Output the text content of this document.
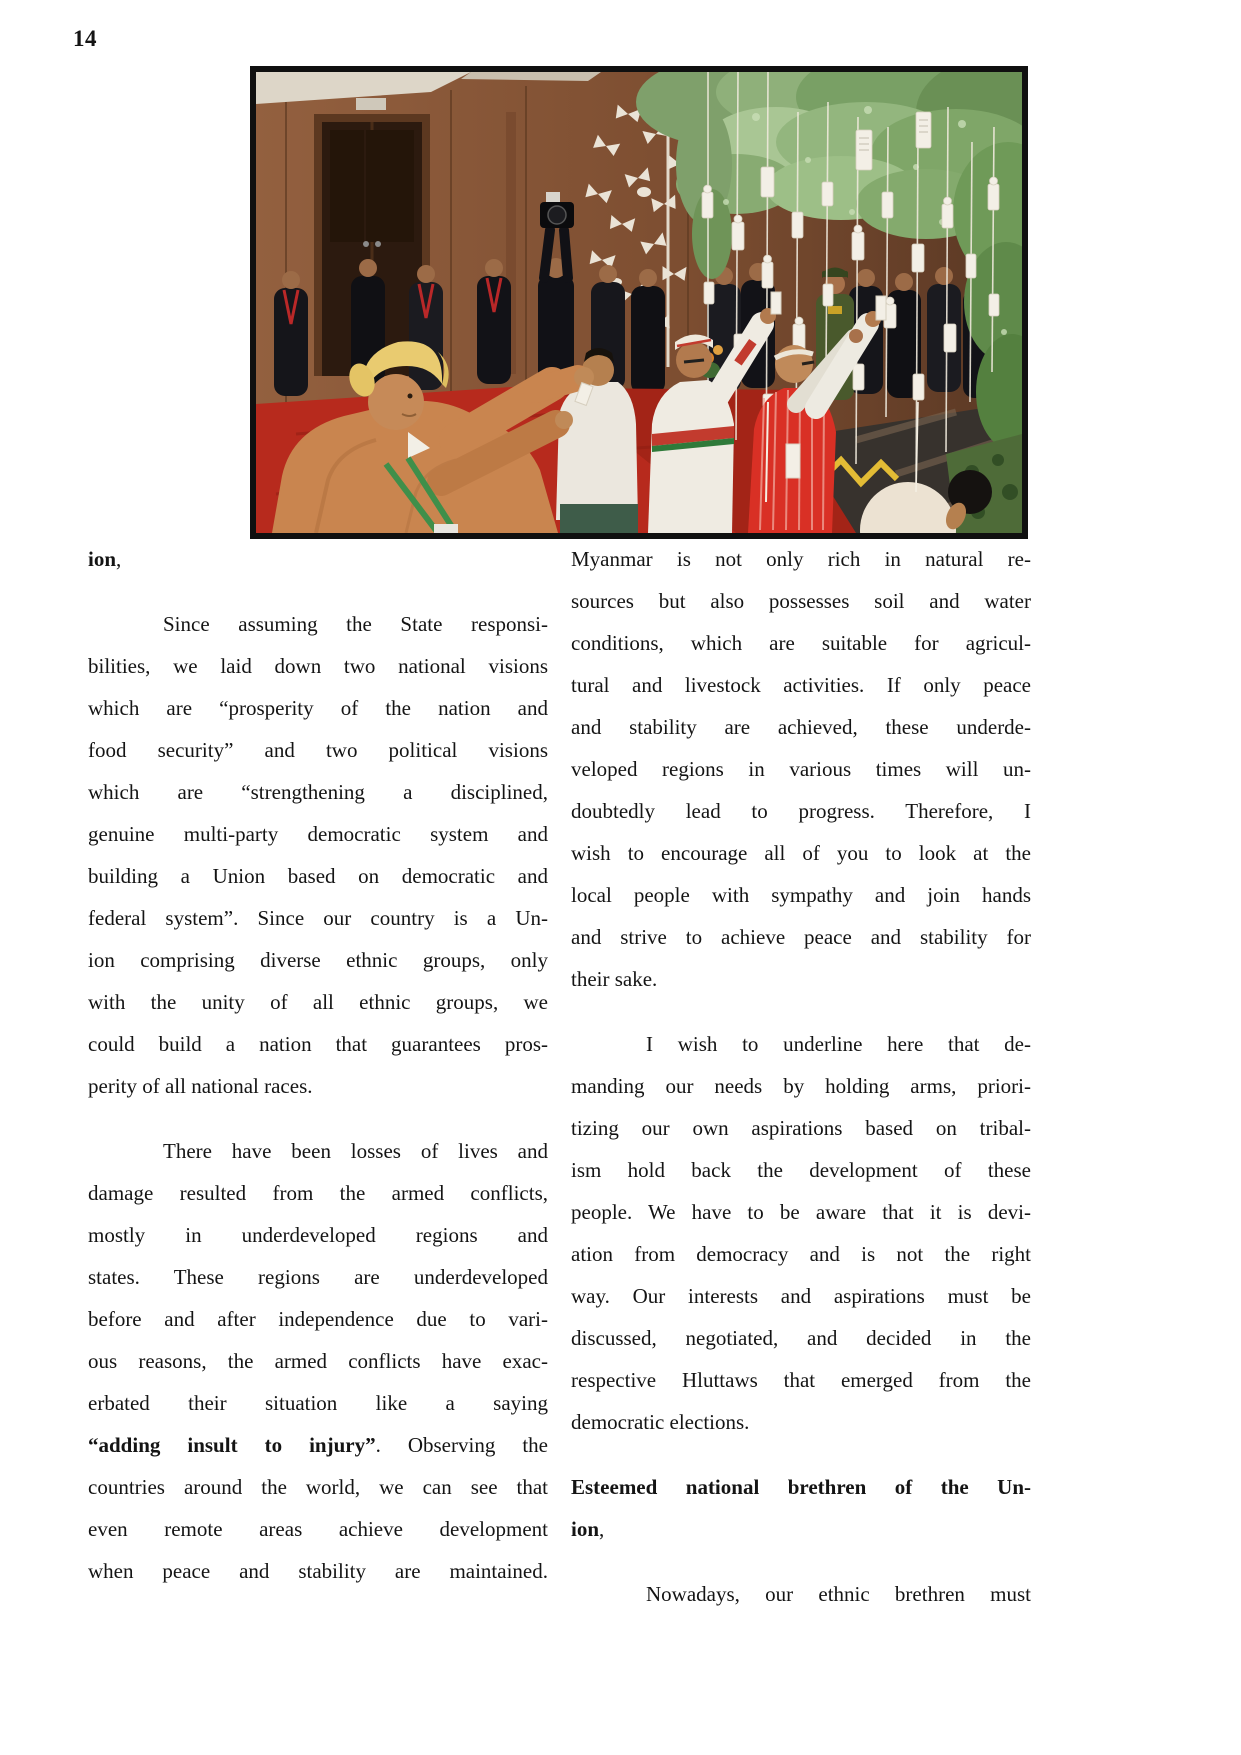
14
ion,
Since assuming the State responsi-
bilities, we laid down two national visions
which are “prosperity of the nation and
food security” and two political visions
which are “strengthening a disciplined,
genuine multi-party democratic system and
building a Union based on democratic and
federal system”. Since our country is a Un-
ion comprising diverse ethnic groups, only
with the unity of all ethnic groups, we
could build a nation that guarantees pros-
perity of all national races.
There have been losses of lives and
damage resulted from the armed conflicts,
mostly in underdeveloped regions and
states. These regions are underdeveloped
before and after independence due to vari-
ous reasons, the armed conflicts have exac-
erbated their situation like a saying
“adding insult to injury”. Observing the
countries around the world, we can see that
even remote areas achieve development
when peace and stability are maintained.
Myanmar is not only rich in natural re-
sources but also possesses soil and water
conditions, which are suitable for agricul-
tural and livestock activities. If only peace
and stability are achieved, these underde-
veloped regions in various times will un-
doubtedly lead to progress. Therefore, I
wish to encourage all of you to look at the
local people with sympathy and join hands
and strive to achieve peace and stability for
their sake.
I wish to underline here that de-
manding our needs by holding arms, priori-
tizing our own aspirations based on tribal-
ism hold back the development of these
people. We have to be aware that it is devi-
ation from democracy and is not the right
way. Our interests and aspirations must be
discussed, negotiated, and decided in the
respective Hluttaws that emerged from the
democratic elections.
Esteemed national brethren of the Un-
ion,
Nowadays, our ethnic brethren must
